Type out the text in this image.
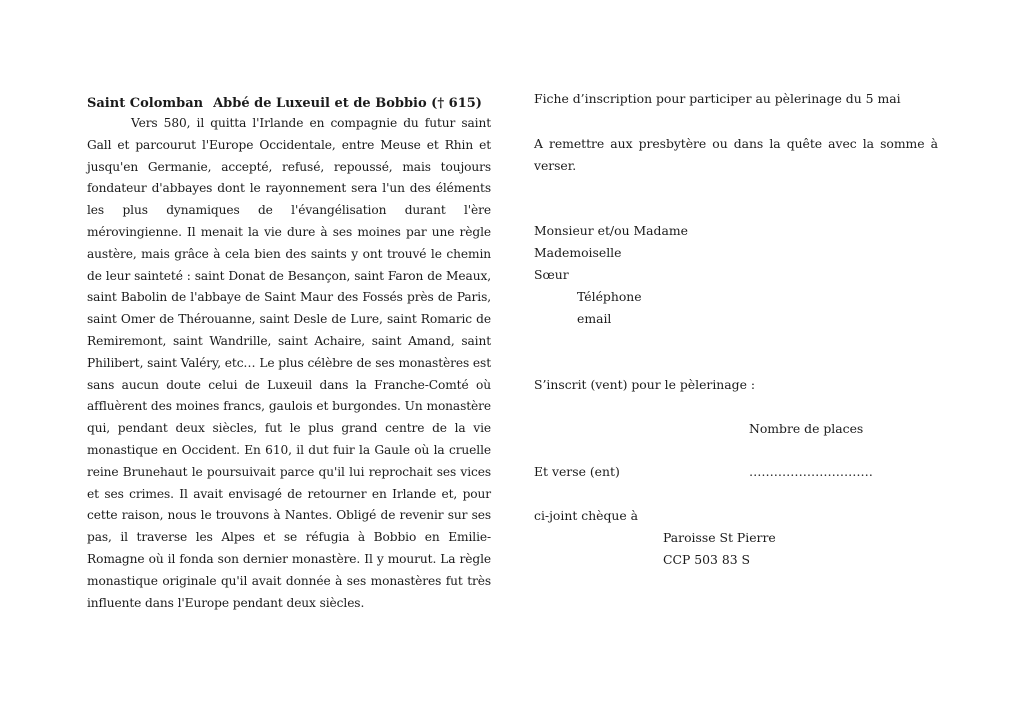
Saint Colomban Abbé de Luxeuil et de Bobbio († 615)

Vers 580, il quitta l'Irlande en compagnie du futur saint Gall et parcourut l'Europe Occidentale, entre Meuse et Rhin et jusqu'en Germanie, accepté, refusé, repoussé, mais toujours fondateur d'abbayes dont le rayonnement sera l'un des éléments les plus dynamiques de l'évangélisation durant l'ère mérovingienne. Il menait la vie dure à ses moines par une règle austère, mais grâce à cela bien des saints y ont trouvé le chemin de leur sainteté : saint Donat de Besançon, saint Faron de Meaux, saint Babolin de l'abbaye de Saint Maur des Fossés près de Paris, saint Omer de Thérouanne, saint Desle de Lure, saint Romaric de Remiremont, saint Wandrille, saint Achaire, saint Amand, saint Philibert, saint Valéry, etc… Le plus célèbre de ses monastères est sans aucun doute celui de Luxeuil dans la Franche-Comté où affluèrent des moines francs, gaulois et burgondes. Un monastère qui, pendant deux siècles, fut le plus grand centre de la vie monastique en Occident. En 610, il dut fuir la Gaule où la cruelle reine Brunehaut le poursuivait parce qu'il lui reprochait ses vices et ses crimes. Il avait envisagé de retourner en Irlande et, pour cette raison, nous le trouvons à Nantes. Obligé de revenir sur ses pas, il traverse les Alpes et se réfugia à Bobbio en Emilie-Romagne où il fonda son dernier monastère. Il y mourut. La règle monastique originale qu'il avait donnée à ses monastères fut très influente dans l'Europe pendant deux siècles.

Fiche d’inscription pour participer au pèlerinage du 5 mai
A remettre aux presbytère ou dans la quête avec la somme à verser.
Monsieur et/ou Madame
Mademoiselle
Sœur
Téléphone
email
S’inscrit (vent) pour le pèlerinage :
Nombre de places
Et verse (ent)	…………………………
ci-joint chèque à
Paroisse St Pierre
CCP 503 83 S
